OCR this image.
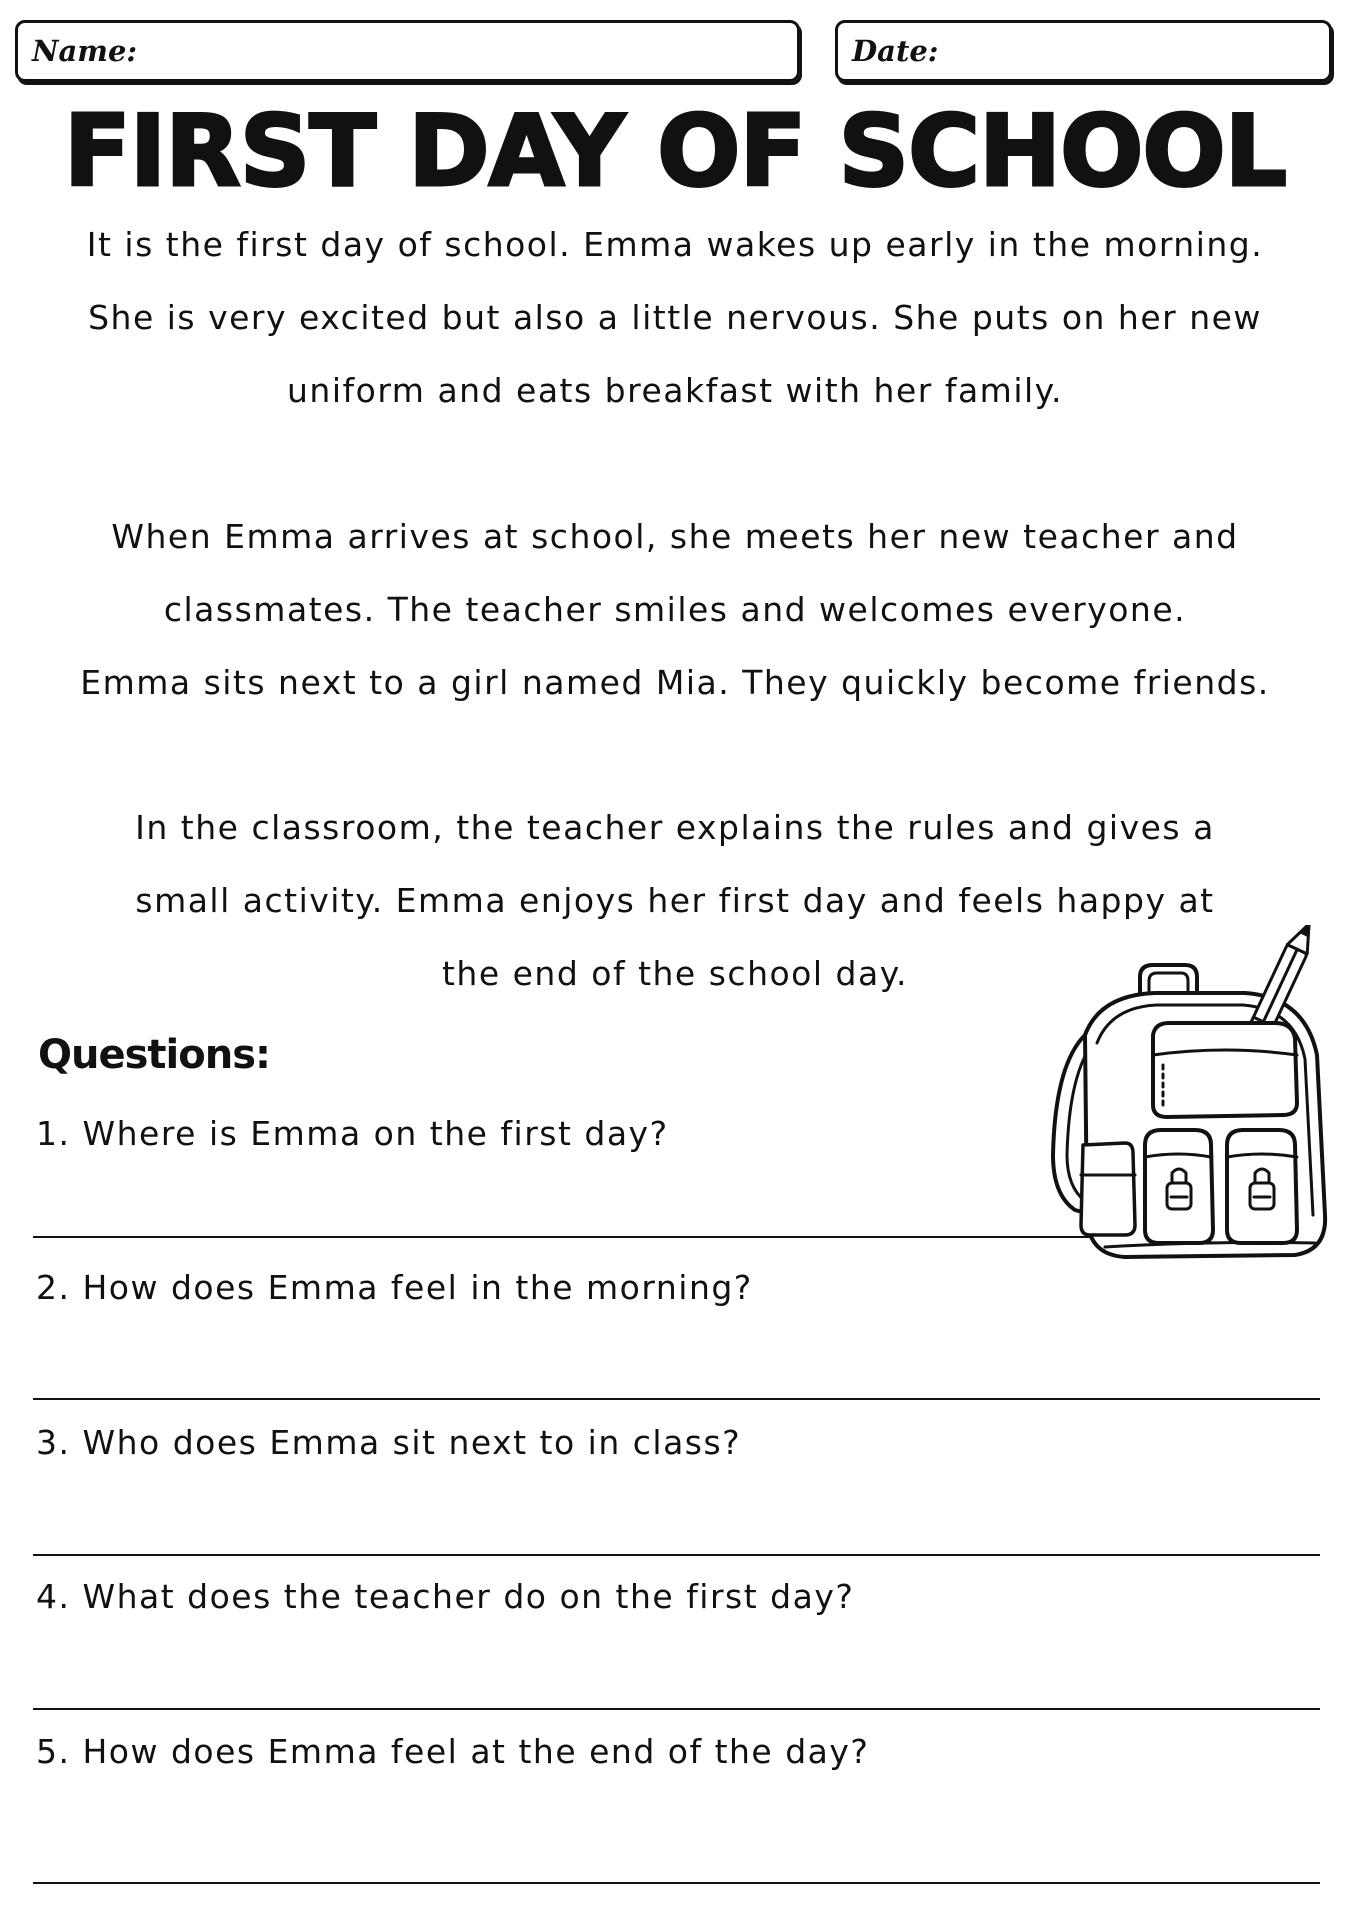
Name:	Date:
FIRST DAY OF SCHOOL

It is the first day of school. Emma wakes up early in the morning.
She is very excited but also a little nervous. She puts on her new
uniform and eats breakfast with her family.

When Emma arrives at school, she meets her new teacher and
classmates. The teacher smiles and welcomes everyone.
Emma sits next to a girl named Mia. They quickly become friends.

In the classroom, the teacher explains the rules and gives a
small activity. Emma enjoys her first day and feels happy at
the end of the school day.

Questions:
1. Where is Emma on the first day?
2. How does Emma feel in the morning?
3. Who does Emma sit next to in class?
4. What does the teacher do on the first day?
5. How does Emma feel at the end of the day?
